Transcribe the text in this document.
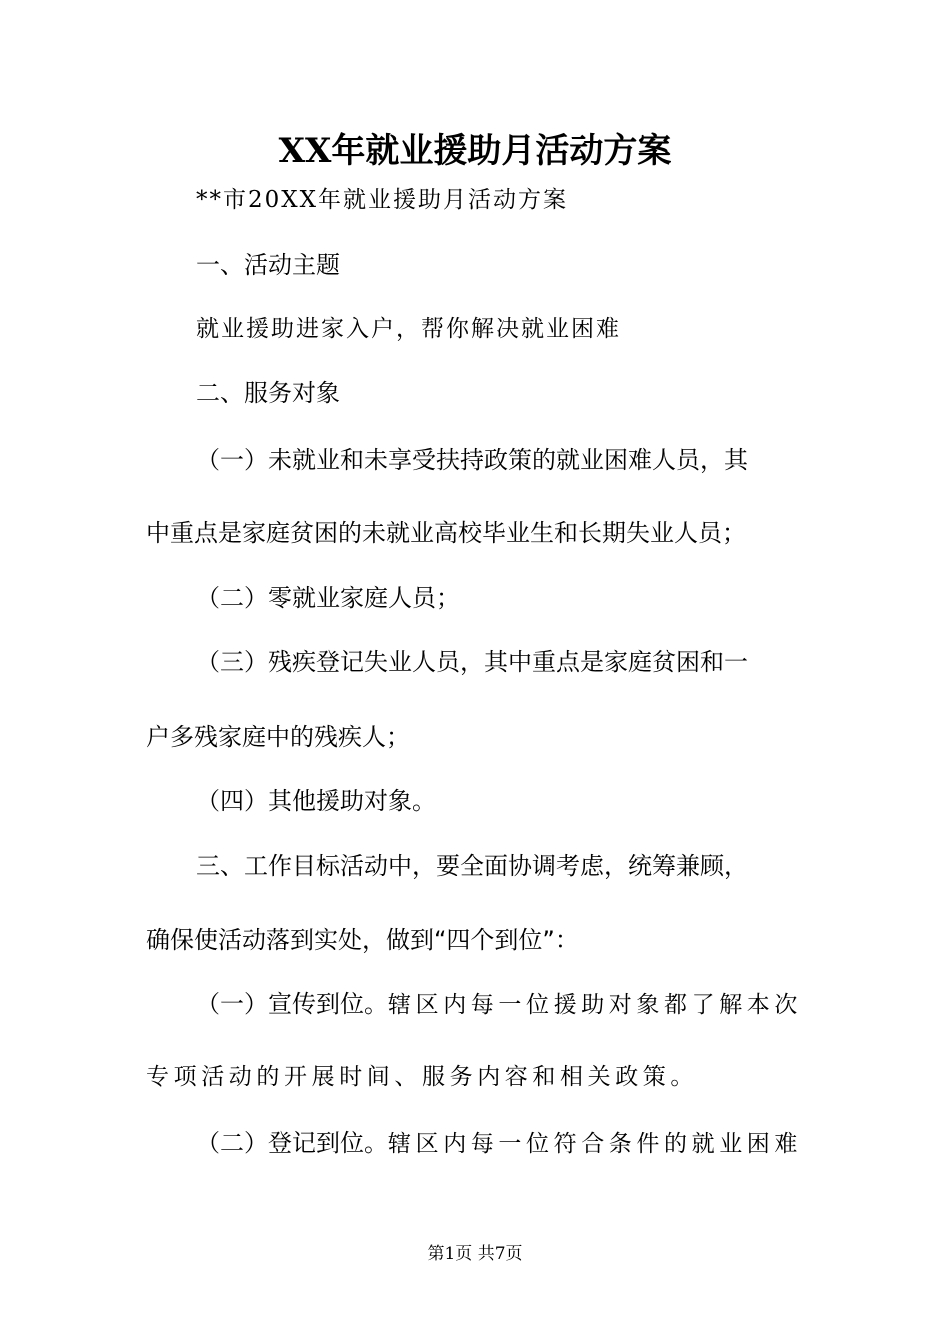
XX年就业援助月活动方案
**市20XX年就业援助月活动方案
一、活动主题
就业援助进家入户，帮你解决就业困难
二、服务对象
（一）未就业和未享受扶持政策的就业困难人员，其
中重点是家庭贫困的未就业高校毕业生和长期失业人员；
（二）零就业家庭人员；
（三）残疾登记失业人员，其中重点是家庭贫困和一
户多残家庭中的残疾人；
（四）其他援助对象。
三、工作目标活动中，要全面协调考虑，统筹兼顾，
确保使活动落到实处，做到“四个到位”：
（一）宣传到位。辖区内每一位援助对象都了解本次
专项活动的开展时间、服务内容和相关政策。
（二）登记到位。辖区内每一位符合条件的就业困难
第1页 共7页
